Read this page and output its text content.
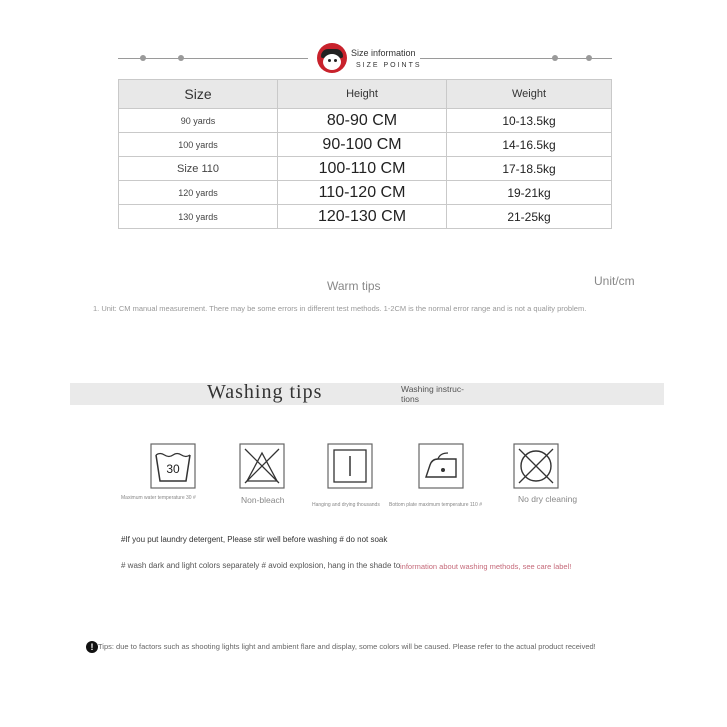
Size information
SIZE POINTS
Size	Height	Weight
90 yards	80-90 CM	10-13.5kg
100 yards	90-100 CM	14-16.5kg
Size 110	100-110 CM	17-18.5kg
120 yards	110-120 CM	19-21kg
130 yards	120-130 CM	21-25kg
Warm tips	Unit/cm
1. Unit: CM manual measurement. There may be some errors in different test methods. 1-2CM is the normal error range and is not a quality problem.
Washing tips	Washing instruc- tions
30
Maximum water temperature 30 #	Non-bleach	Hanging and drying thousands Bottom plate maximum temperature 110 #
No dry cleaning
#If you put laundry detergent, Please stir well before washing # do not soak
# wash dark and light colors separately # avoid explosion, hang in the shade to information about washing methods, see care label!
! Tips: due to factors such as shooting lights light and ambient flare and display, some colors will be caused. Please refer to the actual product received!
